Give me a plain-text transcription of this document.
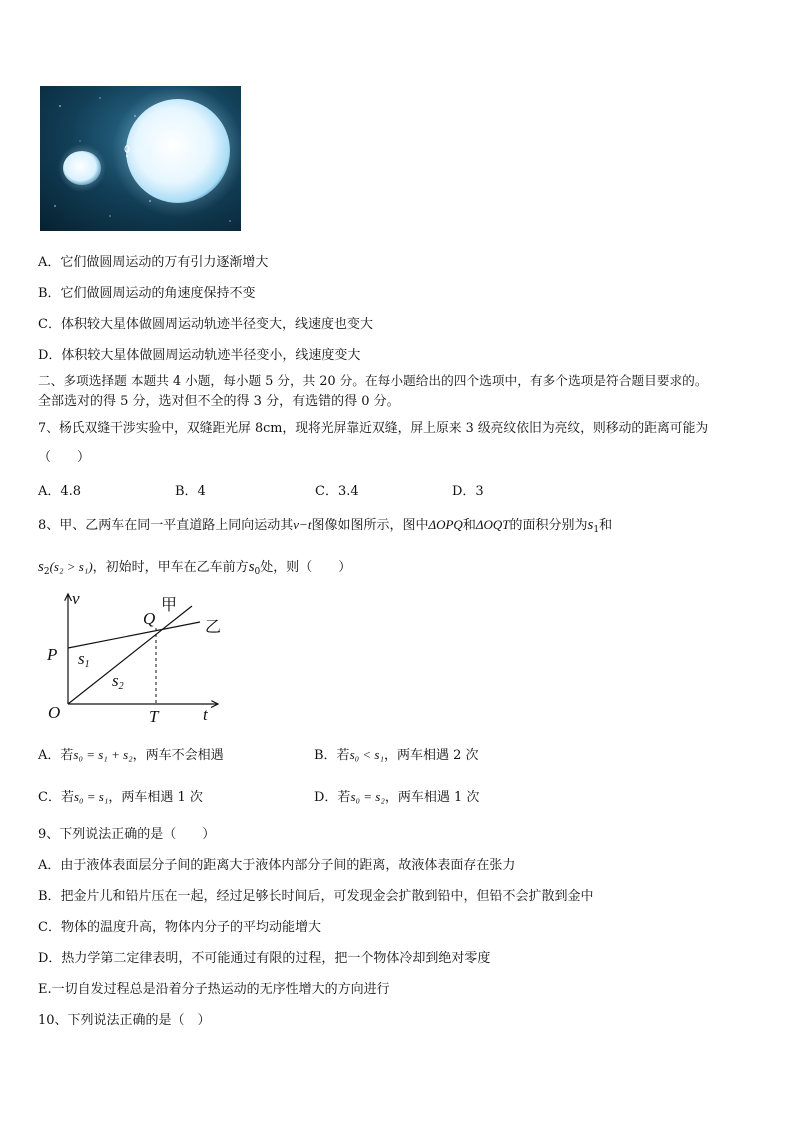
A．它们做圆周运动的万有引力逐渐增大
B．它们做圆周运动的角速度保持不变
C．体积较大星体做圆周运动轨迹半径变大，线速度也变大
D．体积较大星体做圆周运动轨迹半径变小，线速度变大
二、多项选择题 本题共 4 小题，每小题 5 分，共 20 分。在每小题给出的四个选项中，有多个选项是符合题目要求的。
全部选对的得 5 分，选对但不全的得 3 分，有选错的得 0 分。
7、杨氏双缝干涉实验中，双缝距光屏 8cm，现将光屏靠近双缝，屏上原来 3 级亮纹依旧为亮纹，则移动的距离可能为
（　　）
A．4.8	B．4	C．3.4	D．3
8、甲、乙两车在同一平直道路上同向运动其v−t图像如图所示，图中ΔOPQ和ΔOQT的面积分别为$s_1$和
$s_2(s_2 > s_1)$，初始时，甲车在乙车前方$s_0$处，则（　　）
v
t
O
P
Q
T
甲
乙
s1
s2
A．若s₀ = s₁ + s₂，两车不会相遇	B．若s₀ < s₁，两车相遇 2 次
C．若s₀ = s₁，两车相遇 1 次	D．若s₀ = s₂，两车相遇 1 次
9、下列说法正确的是（　　）
A．由于液体表面层分子间的距离大于液体内部分子间的距离，故液体表面存在张力
B．把金片儿和铅片压在一起，经过足够长时间后，可发现金会扩散到铅中，但铅不会扩散到金中
C．物体的温度升高，物体内分子的平均动能增大
D．热力学第二定律表明，不可能通过有限的过程，把一个物体冷却到绝对零度
E.一切自发过程总是沿着分子热运动的无序性增大的方向进行
10、下列说法正确的是（　）
